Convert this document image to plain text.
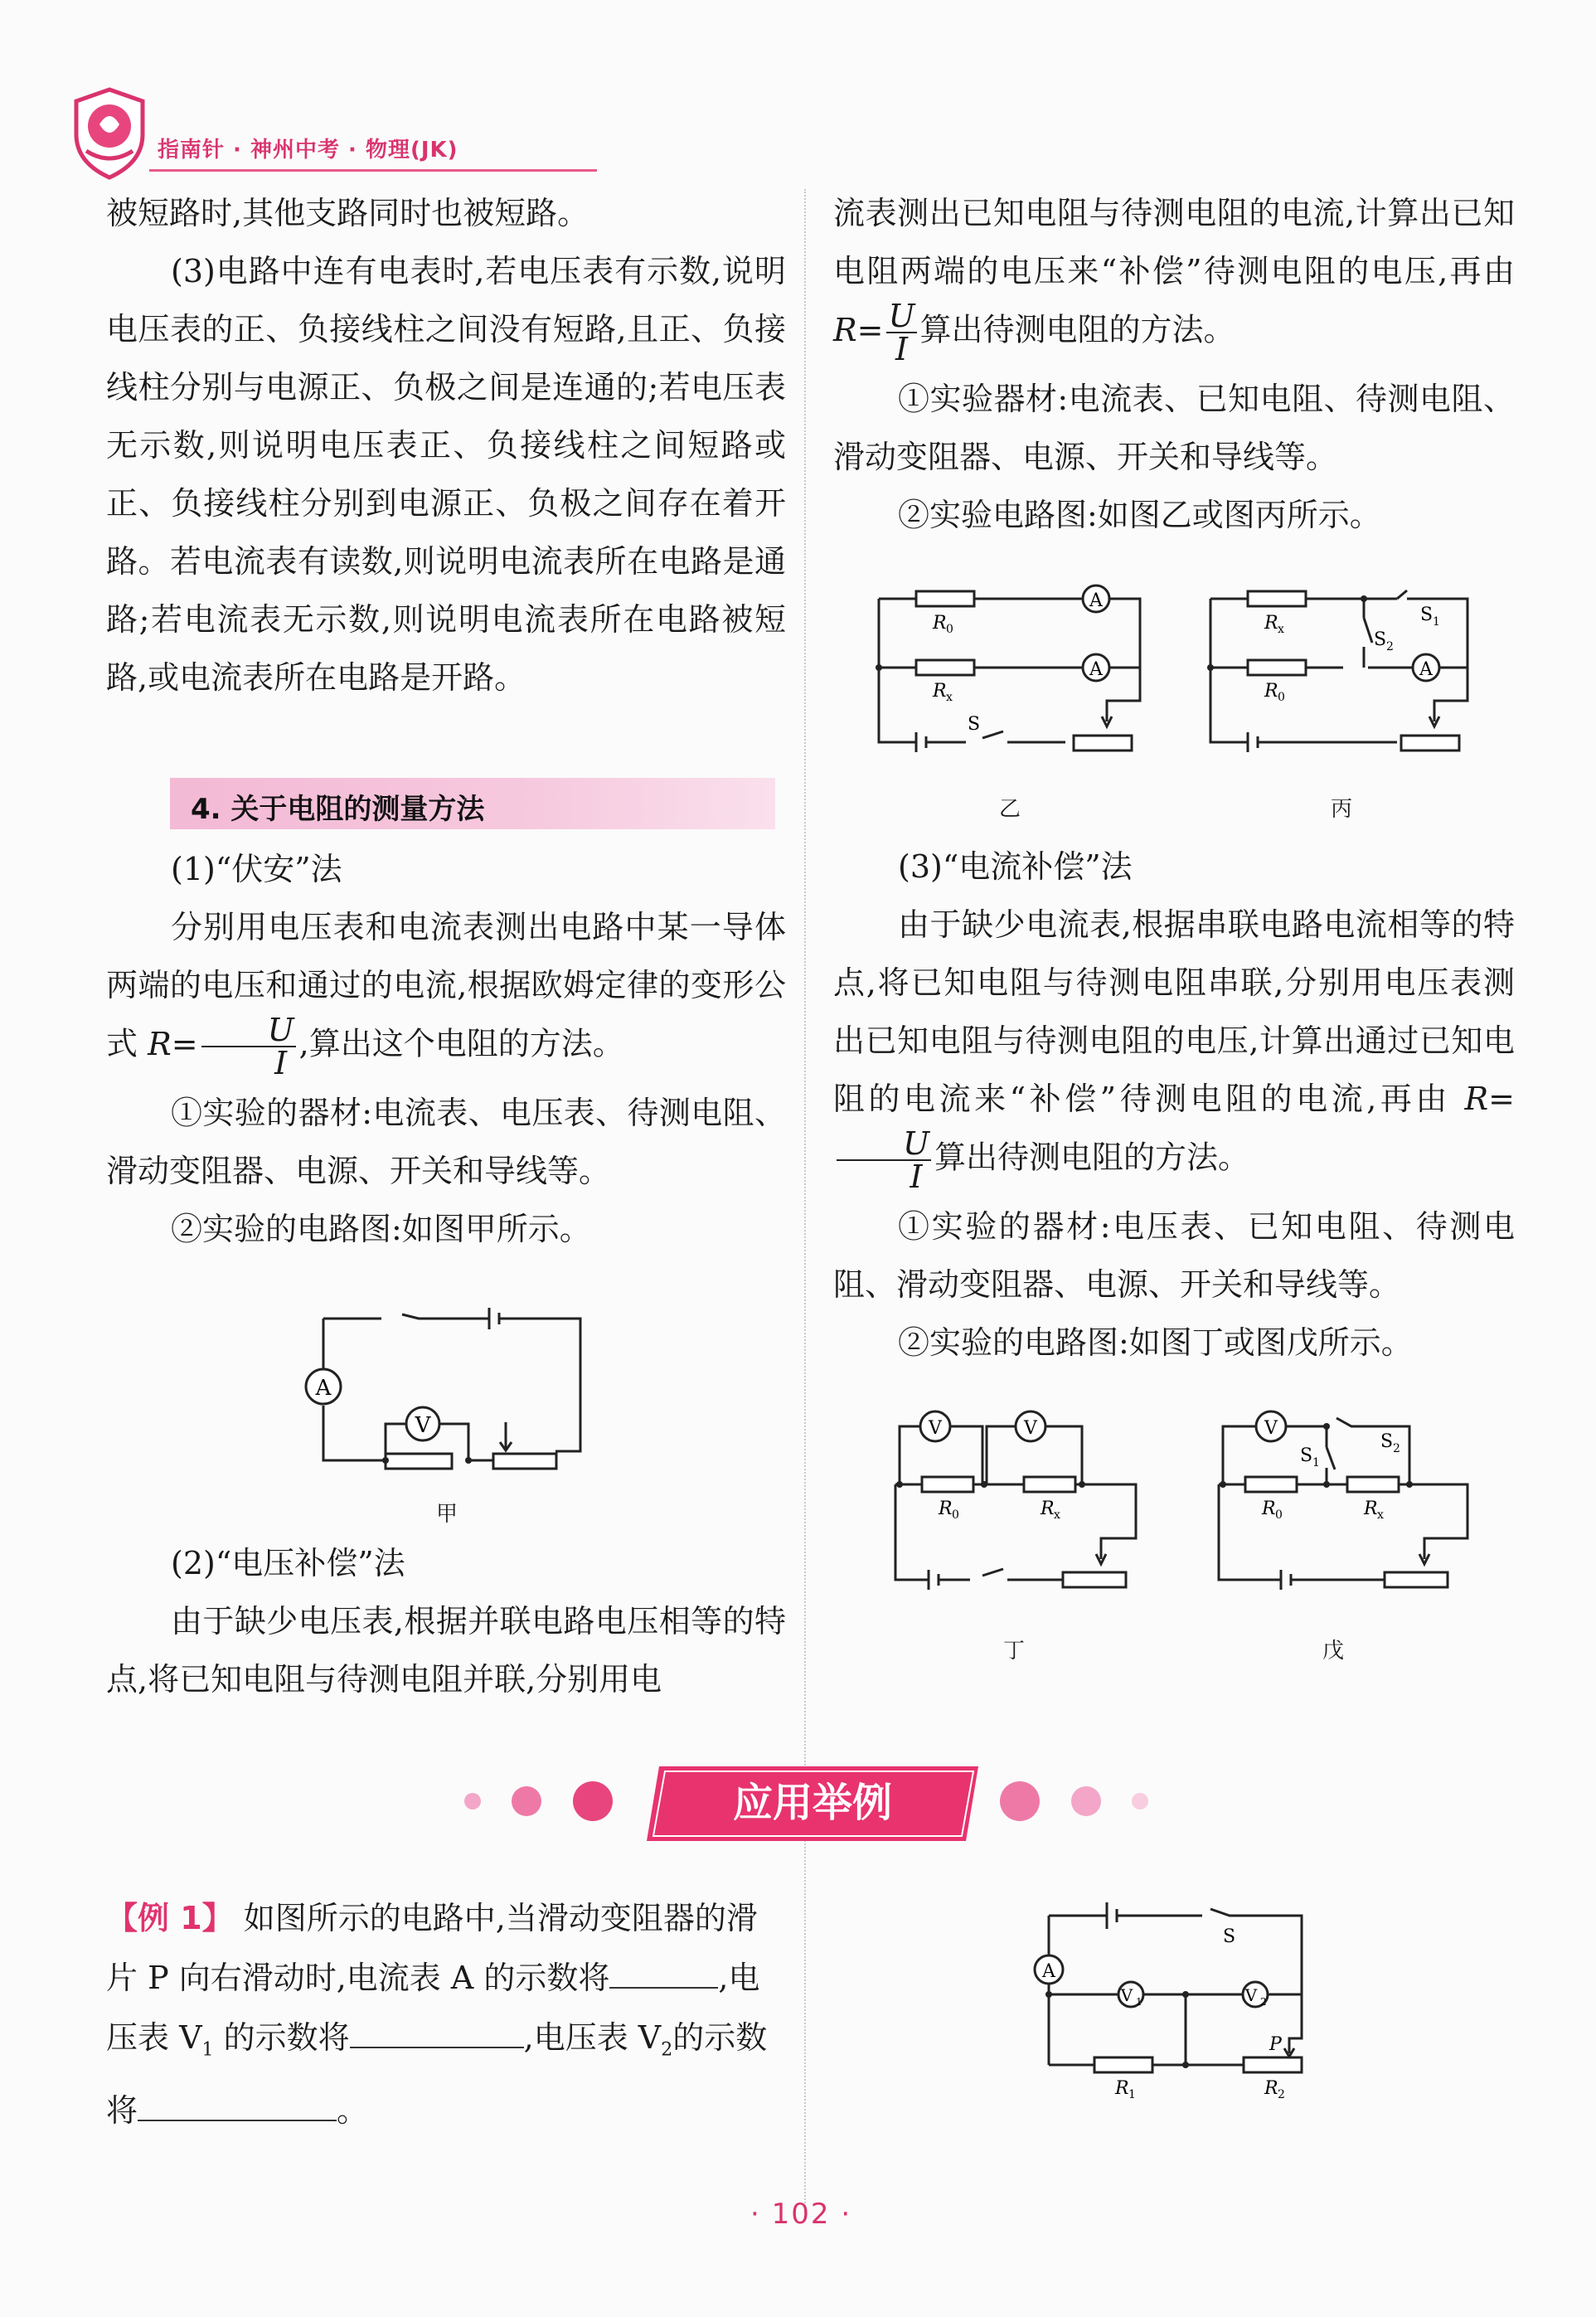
指南针 · 神州中考 · 物理(JK)

被短路时,其他支路同时也被短路。

(3)电路中连有电表时,若电压表有示数,说明电压表的正、负接线柱之间没有短路,且正、负接线柱分别与电源正、负极之间是连通的;若电压表无示数,则说明电压表正、负接线柱之间短路或正、负接线柱分别到电源正、负极之间存在着开路。若电流表有读数,则说明电流表所在电路是通路;若电流表无示数,则说明电流表所在电路被短路,或电流表所在电路是开路。

4. 关于电阻的测量方法

(1)“伏安”法

分别用电压表和电流表测出电路中某一导体两端的电压和通过的电流,根据欧姆定律的变形公式 $R= \frac{U}{I}$ ,算出这个电阻的方法。

①实验的器材:电流表、电压表、待测电阻、滑动变阻器、电源、开关和导线等。

②实验的电路图:如图甲所示。

A
V
甲

(2)“电压补偿”法

由于缺少电压表,根据并联电路电压相等的特点,将已知电阻与待测电阻并联,分别用电

流表测出已知电阻与待测电阻的电流,计算出已知电阻两端的电压来“补偿”待测电阻的电压,再由 $R= \frac{U}{I}$ 算出待测电阻的方法。

①实验器材:电流表、已知电阻、待测电阻、滑动变阻器、电源、开关和导线等。

②实验电路图:如图乙或图丙所示。

A
A
R 0
R x
S
乙
A
R x
R 0
S 1
S 2
丙

(3)“电流补偿”法

由于缺少电流表,根据串联电路电流相等的特点,将已知电阻与待测电阻串联,分别用电压表测出已知电阻与待测电阻的电压,计算出通过已知电阻的电流来“补偿”待测电阻的电流,再由 R=
$\frac{U}{I}$ 算出待测电阻的方法。

①实验的器材:电压表、已知电阻、待测电阻、滑动变阻器、电源、开关和导线等。

②实验的电路图:如图丁或图戊所示。

V	V
R 0	R x
丁
V
R 0	R x
S 1
S 2
戊
应用举例

【例 1】 如图所示的电路中,当滑动变阻器的滑片 P 向右滑动时,电流表 A 的示数将	,电压表 $V_1$ 的示数将	,电压表 $V_2$的示数将	。

A
V 1	V 2
S
P
R 1	R 2
· 102 ·
